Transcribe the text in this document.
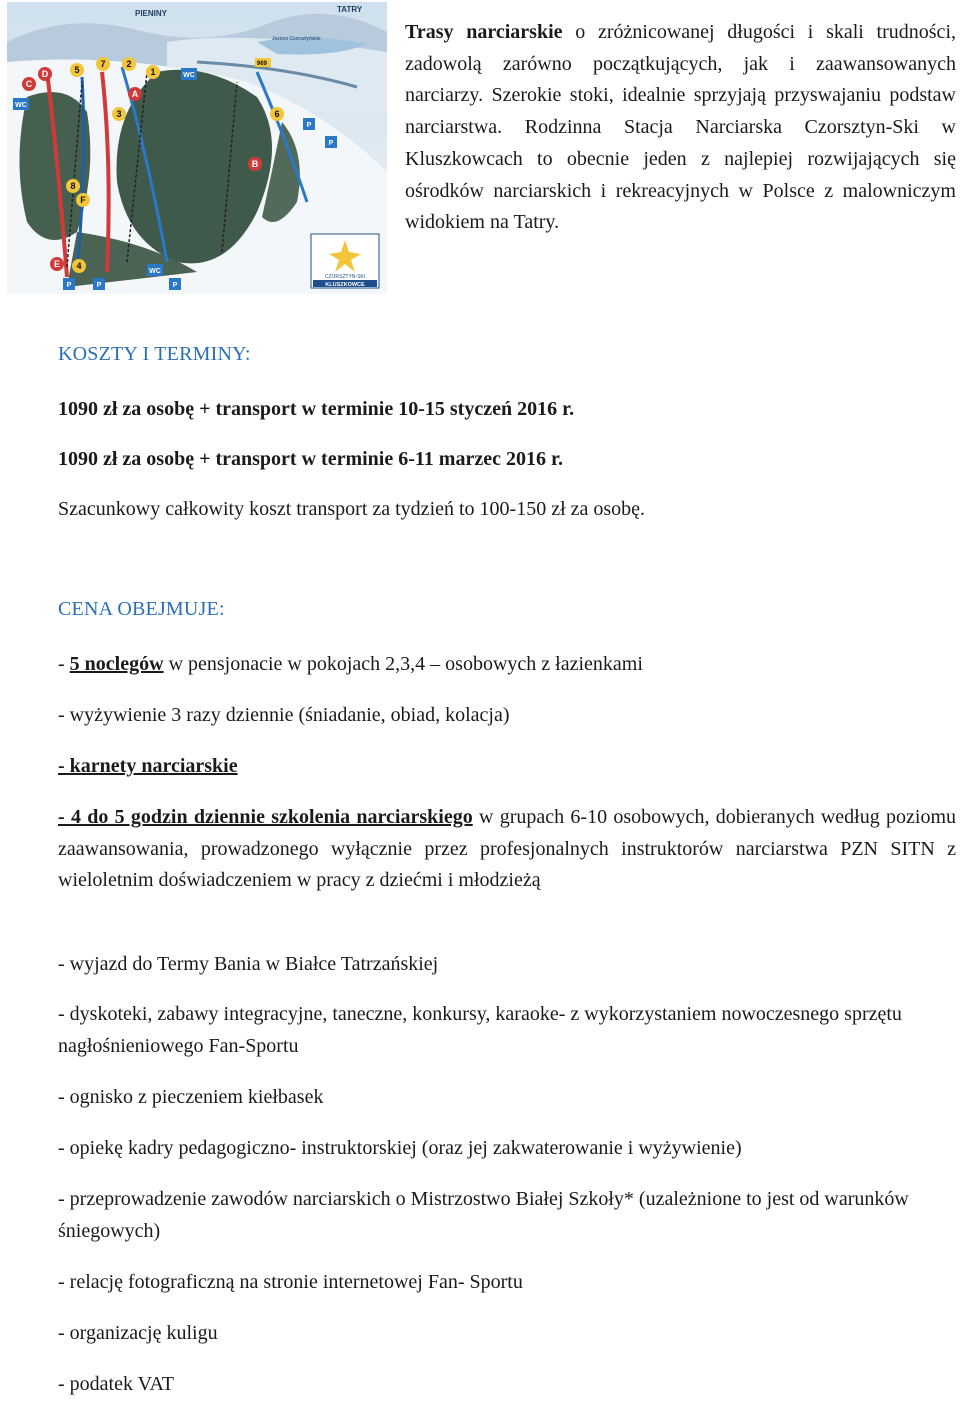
PIENINY	TATRY
Jezioro Czorsztyńskie
969
C
D	5
7 2
1
A
3	6
B
8
F
4
E
WC
WC
WC
P
P
P	P	P
CZORSZTYN-SKI
KLUSZKOWCE

Trasy narciarskie o zróżnicowanej długości i skali trudności, zadowolą zarówno początkujących, jak i zaawansowanych narciarzy. Szerokie stoki, idealnie sprzyjają przyswajaniu podstaw narciarstwa. Rodzinna Stacja Narciarska Czorsztyn-Ski w Kluszkowcach to obecnie jeden z najlepiej rozwijających się ośrodków narciarskich i rekreacyjnych w Polsce z malowniczym widokiem na Tatry.

KOSZTY I TERMINY:

1090 zł za osobę + transport w terminie 10-15 styczeń 2016 r.

1090 zł za osobę + transport w terminie 6-11 marzec 2016 r.

Szacunkowy całkowity koszt transport za tydzień to 100-150 zł za osobę.

CENA OBEJMUJE:

- 5 noclegów w pensjonacie w pokojach 2,3,4 – osobowych z łazienkami

- wyżywienie 3 razy dziennie (śniadanie, obiad, kolacja)

- karnety narciarskie

- 4 do 5 godzin dziennie szkolenia narciarskiego w grupach 6-10 osobowych, dobieranych według poziomu zaawansowania, prowadzonego wyłącznie przez profesjonalnych instruktorów narciarstwa PZN SITN z wieloletnim doświadczeniem w pracy z dziećmi i młodzieżą

- wyjazd do Termy Bania w Białce Tatrzańskiej

- dyskoteki, zabawy integracyjne, taneczne, konkursy, karaoke- z wykorzystaniem nowoczesnego sprzętu nagłośnieniowego Fan-Sportu

- ognisko z pieczeniem kiełbasek

- opiekę kadry pedagogiczno- instruktorskiej (oraz jej zakwaterowanie i wyżywienie)

- przeprowadzenie zawodów narciarskich o Mistrzostwo Białej Szkoły* (uzależnione to jest od warunków śniegowych)

- relację fotograficzną na stronie internetowej Fan- Sportu

- organizację kuligu

- podatek VAT
